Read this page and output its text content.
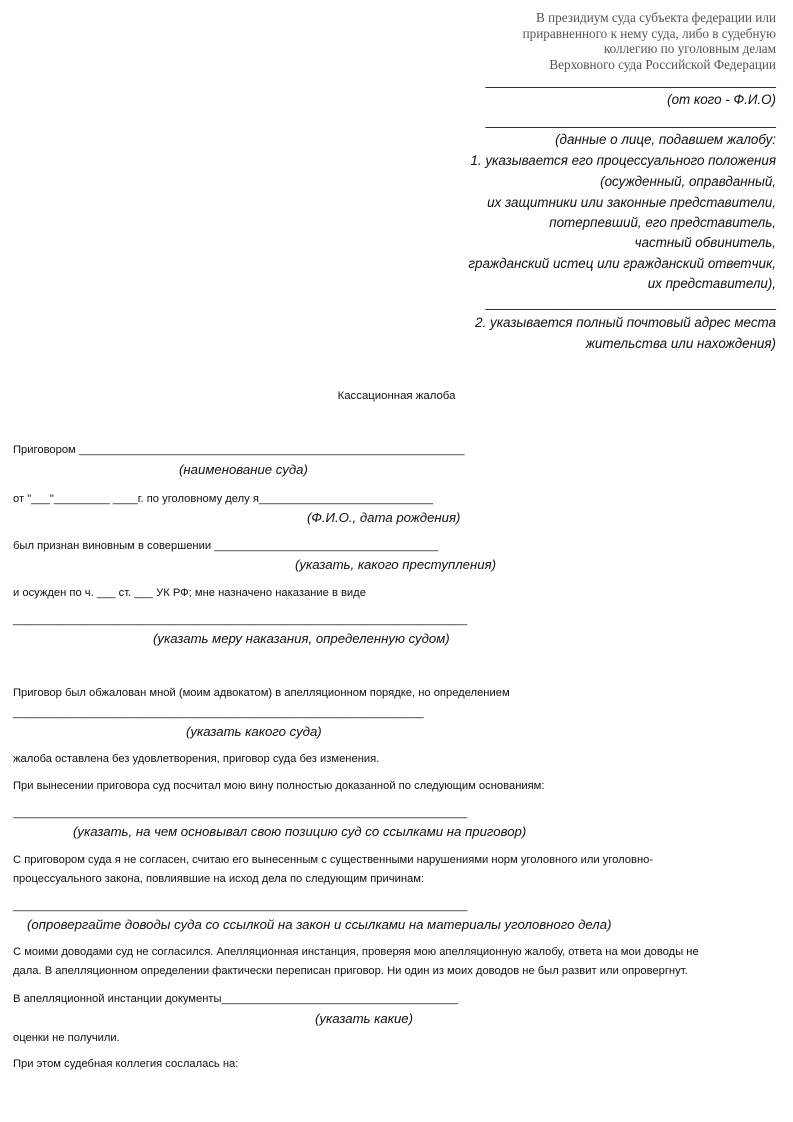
В президиум суда субъекта федерации или
приравненного к нему суда, либо в судебную
коллегию по уголовным делам
Верховного суда Российской Федерации
_______________________________________
(от кого - Ф.И.О)
_______________________________________
(данные о лице, подавшем жалобу:
1. указывается его процессуального положения
(осужденный, оправданный,
их защитники или законные представители,
потерпевший, его представитель,
частный обвинитель,
гражданский истец или гражданский ответчик,
их представители),
_______________________________________
2. указывается полный почтовый адрес места
жительства или нахождения)
Кассационная жалоба
Приговором ______________________________________________________________
(наименование суда)
от "___"_________ ____г. по уголовному делу я____________________________
(Ф.И.О., дата рождения)
был признан виновным в совершении ____________________________________
(указать, какого преступления)
и осужден по ч. ___ ст. ___ УК РФ; мне назначено наказание в виде
_________________________________________________________________________
(указать меру наказания, определенную судом)
Приговор был обжалован мной (моим адвокатом) в апелляционном порядке, но определением
__________________________________________________________________
(указать какого суда)
жалоба оставлена без удовлетворения, приговор суда без изменения.
При вынесении приговора суд посчитал мою вину полностью доказанной по следующим основаниям:
_________________________________________________________________________
(указать, на чем основывал свою позицию суд со ссылками на приговор)
С приговором суда я не согласен, считаю его вынесенным с существенными нарушениями норм уголовного или уголовно-
процессуального закона, повлиявшие на исход дела по следующим причинам:
_________________________________________________________________________
(опровергайте доводы суда со ссылкой на закон и ссылками на материалы уголовного дела)
С моими доводами суд не согласился. Апелляционная инстанция, проверяя мою апелляционную жалобу, ответа на мои доводы не
дала. В апелляционном определении фактически переписан приговор. Ни один из моих доводов не был развит или опровергнут.
В апелляционной инстанции документы______________________________________
(указать какие)
оценки не получили.
При этом судебная коллегия сослалась на:
